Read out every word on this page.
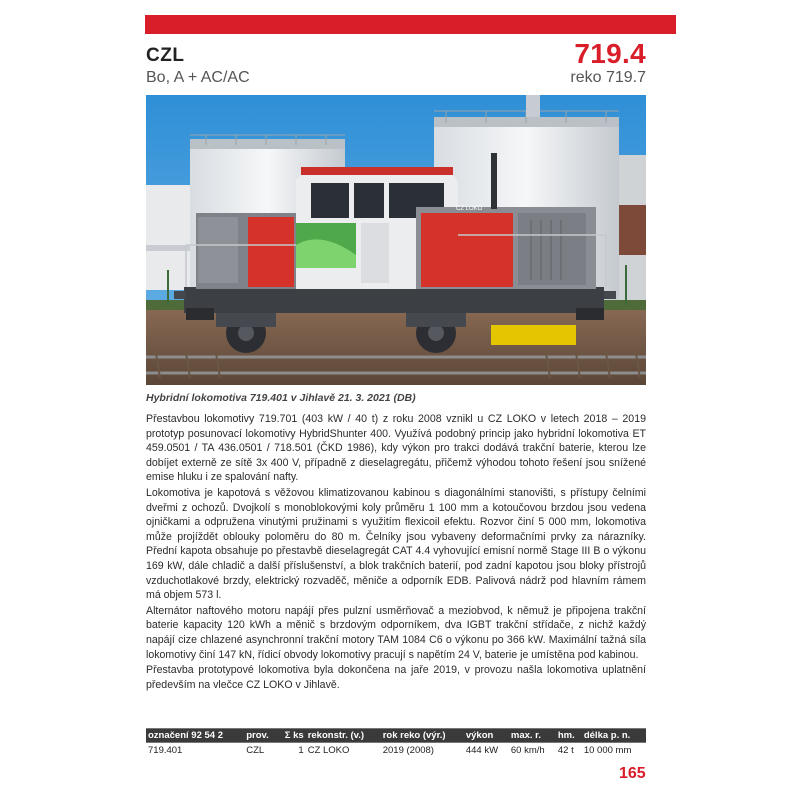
CZL
Bo, A + AC/AC
719.4
reko 719.7
CZ LOKO
Hybridní lokomotiva 719.401 v Jihlavě 21. 3. 2021 (DB)

Přestavbou lokomotivy 719.701 (403 kW / 40 t) z roku 2008 vznikl u CZ LOKO v letech 2018 – 2019 prototyp posunovací lokomotivy HybridShunter 400. Využívá podobný princip jako hybridní lokomotiva ET 459.0501 / TA 436.0501 / 718.501 (ČKD 1986), kdy výkon pro trakci dodává trakční baterie, kterou lze dobíjet externě ze sítě 3x 400 V, případně z dieselagregátu, přičemž výhodou tohoto řešení jsou snížené emise hluku i ze spalování nafty.

Lokomotiva je kapotová s věžovou klimatizovanou kabinou s diagonálními stanovišti, s přístupy čelními dveřmi z ochozů. Dvojkolí s monoblokovými koly průměru 1 100 mm a kotoučovou brzdou jsou vedena ojničkami a odpružena vinutými pružinami s využitím flexicoil efektu. Rozvor činí 5 000 mm, lokomotiva může projíždět oblouky poloměru do 80 m. Čelníky jsou vybaveny deformačními prvky za nárazníky. Přední kapota obsahuje po přestavbě dieselagregát CAT 4.4 vyhovující emisní normě Stage III B o výkonu 169 kW, dále chladič a další příslušenství, a blok trakčních baterií, pod zadní kapotou jsou bloky přístrojů vzduchotlakové brzdy, elektrický rozvaděč, měniče a odporník EDB. Palivová nádrž pod hlavním rámem má objem 573 l.

Alternátor naftového motoru napájí přes pulzní usměrňovač a meziobvod, k němuž je připojena trakční baterie kapacity 120 kWh a měnič s brzdovým odporníkem, dva IGBT trakční střídače, z nichž každý napájí cize chlazené asynchronní trakční motory TAM 1084 C6 o výkonu po 366 kW. Maximální tažná síla lokomotivy činí 147 kN, řídicí obvody lokomotivy pracují s napětím 24 V, baterie je umístěna pod kabinou.

Přestavba prototypové lokomotiva byla dokončena na jaře 2019, v provozu našla lokomotiva uplatnění především na vlečce CZ LOKO v Jihlavě.

označení 92 54 2	prov.	Σ ks	rekonstr. (v.)	rok reko (výr.)	výkon	max. r.	hm.	délka p. n.
719.401	CZL	1	CZ LOKO	2019 (2008)	444 kW	60 km/h	42 t	10 000 mm
165
